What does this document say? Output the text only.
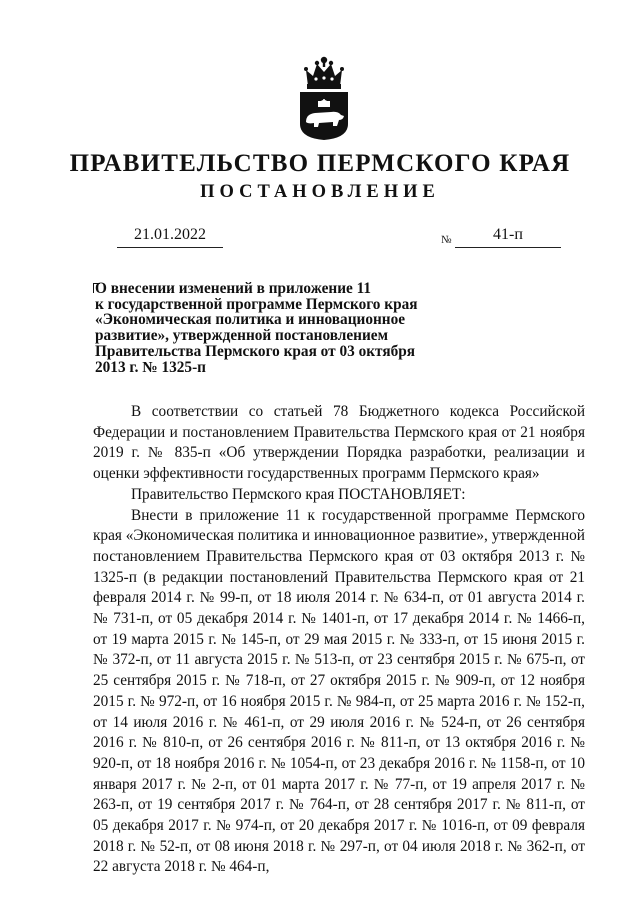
ПРАВИТЕЛЬСТВО ПЕРМСКОГО КРАЯ
ПОСТАНОВЛЕНИЕ
21.01.2022	№	41-п
О внесении изменений в приложение 11
к государственной программе Пермского края
«Экономическая политика и инновационное
развитие», утвержденной постановлением
Правительства Пермского края от 03 октября
2013 г. № 1325-п

В соответствии со статьей 78 Бюджетного кодекса Российской Федерации и постановлением Правительства Пермского края от 21 ноября 2019 г. № 835-п «Об утверждении Порядка разработки, реализации и оценки эффективности государственных программ Пермского края»

Правительство Пермского края ПОСТАНОВЛЯЕТ:

Внести в приложение 11 к государственной программе Пермского края «Экономическая политика и инновационное развитие», утвержденной постановлением Правительства Пермского края от 03 октября 2013 г. № 1325-п (в редакции постановлений Правительства Пермского края от 21 февраля 2014 г. № 99-п, от 18 июля 2014 г. № 634-п, от 01 августа 2014 г. № 731-п, от 05 декабря 2014 г. № 1401-п, от 17 декабря 2014 г. № 1466-п, от 19 марта 2015 г. № 145-п, от 29 мая 2015 г. № 333-п, от 15 июня 2015 г. № 372-п, от 11 августа 2015 г. № 513-п, от 23 сентября 2015 г. № 675-п, от 25 сентября 2015 г. № 718-п, от 27 октября 2015 г. № 909-п, от 12 ноября 2015 г. № 972-п, от 16 ноября 2015 г. № 984-п, от 25 марта 2016 г. № 152-п, от 14 июля 2016 г. № 461-п, от 29 июля 2016 г. № 524-п, от 26 сентября 2016 г. № 810-п, от 26 сентября 2016 г. № 811-п, от 13 октября 2016 г. № 920-п, от 18 ноября 2016 г. № 1054-п, от 23 декабря 2016 г. № 1158-п, от 10 января 2017 г. № 2-п, от 01 марта 2017 г. № 77-п, от 19 апреля 2017 г. № 263-п, от 19 сентября 2017 г. № 764-п, от 28 сентября 2017 г. № 811-п, от 05 декабря 2017 г. № 974-п, от 20 декабря 2017 г. № 1016-п, от 09 февраля 2018 г. № 52-п, от 08 июня 2018 г. № 297-п, от 04 июля 2018 г. № 362-п, от 22 августа 2018 г. № 464-п,
